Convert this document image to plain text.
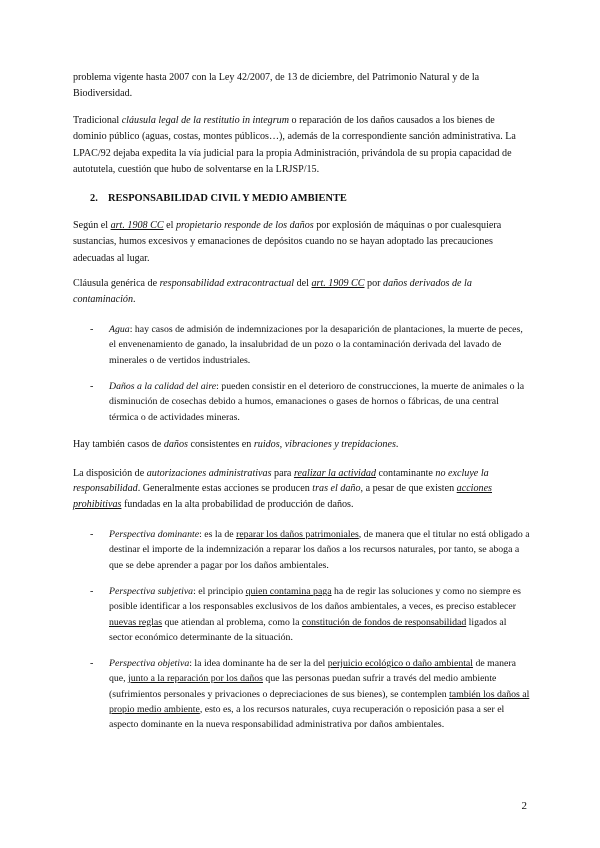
problema vigente hasta 2007 con la Ley 42/2007, de 13 de diciembre, del Patrimonio Natural y de la Biodiversidad.

Tradicional cláusula legal de la restitutio in integrum o reparación de los daños causados a los bienes de dominio público (aguas, costas, montes públicos…), además de la correspondiente sanción administrativa. La LPAC/92 dejaba expedita la vía judicial para la propia Administración, privándola de su propia capacidad de autotutela, cuestión que hubo de solventarse en la LRJSP/15.

2. RESPONSABILIDAD CIVIL Y MEDIO AMBIENTE

Según el art. 1908 CC el propietario responde de los daños por explosión de máquinas o por cualesquiera sustancias, humos excesivos y emanaciones de depósitos cuando no se hayan adoptado las precauciones adecuadas al lugar.

Cláusula genérica de responsabilidad extracontractual del art. 1909 CC por daños derivados de la contaminación.

- Agua: hay casos de admisión de indemnizaciones por la desaparición de plantaciones, la muerte de peces, el envenenamiento de ganado, la insalubridad de un pozo o la contaminación derivada del lavado de minerales o de vertidos industriales.
- Daños a la calidad del aire: pueden consistir en el deterioro de construcciones, la muerte de animales o la disminución de cosechas debido a humos, emanaciones o gases de hornos o fábricas, de una central térmica o de actividades mineras.

Hay también casos de daños consistentes en ruidos, vibraciones y trepidaciones.

La disposición de autorizaciones administrativas para realizar la actividad contaminante no excluye la responsabilidad. Generalmente estas acciones se producen tras el daño, a pesar de que existen acciones prohibitivas fundadas en la alta probabilidad de producción de daños.

- Perspectiva dominante: es la de reparar los daños patrimoniales, de manera que el titular no está obligado a destinar el importe de la indemnización a reparar los daños a los recursos naturales, por tanto, se aboga a que se debe aprender a pagar por los daños ambientales.
- Perspectiva subjetiva: el principio quien contamina paga ha de regir las soluciones y como no siempre es posible identificar a los responsables exclusivos de los daños ambientales, a veces, es preciso establecer nuevas reglas que atiendan al problema, como la constitución de fondos de responsabilidad ligados al sector económico determinante de la situación.
- Perspectiva objetiva: la idea dominante ha de ser la del perjuicio ecológico o daño ambiental de manera que, junto a la reparación por los daños que las personas puedan sufrir a través del medio ambiente (sufrimientos personales y privaciones o depreciaciones de sus bienes), se contemplen también los daños al propio medio ambiente, esto es, a los recursos naturales, cuya recuperación o reposición pasa a ser el aspecto dominante en la nueva responsabilidad administrativa por daños ambientales.
2
